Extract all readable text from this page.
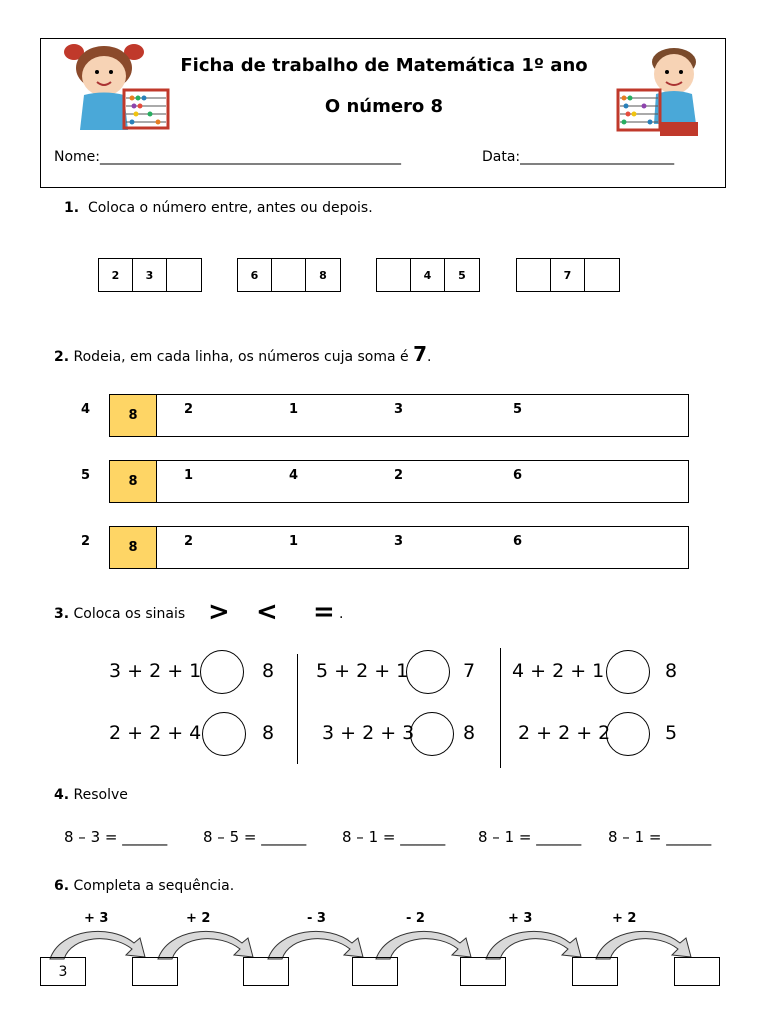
Ficha de trabalho de Matemática 1º ano
O número 8
Nome:___________________________________________	Data:______________________
1. Coloca o número entre, antes ou depois.
2	3	6	8	4	5	7
2. Rodeia, em cada linha, os números cuja soma é 7.
8
4	2	1	3	5
8
5	1	4	2	6
8
2	2	1	3	6
3. Coloca os sinais > < = .
3 + 2 + 1	8 5 + 2 + 1	7 4 + 2 + 1	8
2 + 2 + 4	8	3 + 2 + 3	8 2 + 2 + 2	5
4. Resolve
8 – 3 = ______ 8 – 5 = ______ 8 – 1 = ______ 8 – 1 = ______ 8 – 1 = ______
6. Completa a sequência.
+ 3	+ 2	- 3	- 2	+ 3	+ 2
3
